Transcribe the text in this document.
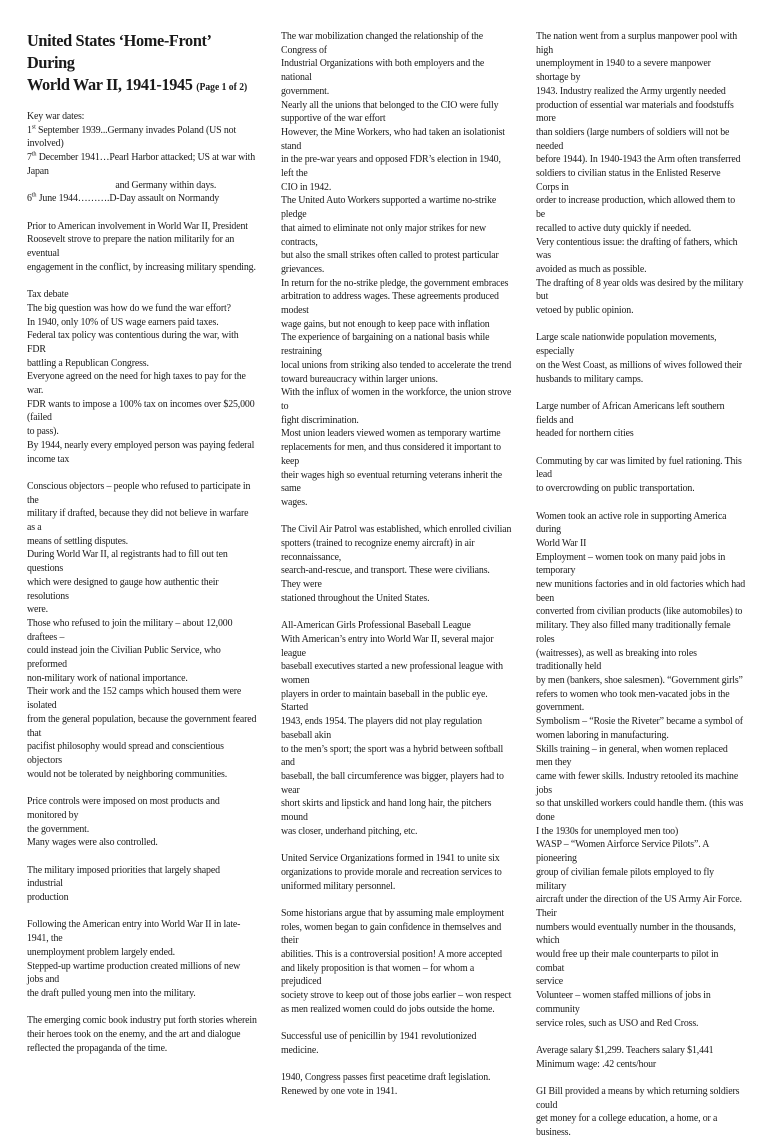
United States ‘Home-Front’ During
World War II, 1941-1945 (Page 1 of 2)
Key war dates:
1st September 1939...Germany invades Poland (US not involved)
7th December 1941…Pearl Harbor attacked; US at war with Japan
and Germany within days.
6th June 1944……….D-Day assault on Normandy
Prior to American involvement in World War II, President
Roosevelt strove to prepare the nation militarily for an eventual
engagement in the conflict, by increasing military spending.
Tax debate
The big question was how do we fund the war effort?
In 1940, only 10% of US wage earners paid taxes.
Federal tax policy was contentious during the war, with FDR
battling a Republican Congress.
Everyone agreed on the need for high taxes to pay for the war.
FDR wants to impose a 100% tax on incomes over $25,000 (failed
to pass).
By 1944, nearly every employed person was paying federal
income tax
Conscious objectors – people who refused to participate in the
military if drafted, because they did not believe in warfare as a
means of settling disputes.
During World War II, al registrants had to fill out ten questions
which were designed to gauge how authentic their resolutions
were.
Those who refused to join the military – about 12,000 draftees –
could instead join the Civilian Public Service, who preformed
non-military work of national importance.
Their work and the 152 camps which housed them were isolated
from the general population, because the government feared that
pacifist philosophy would spread and conscientious objectors
would not be tolerated by neighboring communities.
Price controls were imposed on most products and monitored by
the government.
Many wages were also controlled.
The military imposed priorities that largely shaped industrial
production
Following the American entry into World War II in late-1941, the
unemployment problem largely ended.
Stepped-up wartime production created millions of new jobs and
the draft pulled young men into the military.
The emerging comic book industry put forth stories wherein
their heroes took on the enemy, and the art and dialogue
reflected the propaganda of the time.
The war mobilization changed the relationship of the Congress of
Industrial Organizations with both employers and the national
government.
Nearly all the unions that belonged to the CIO were fully
supportive of the war effort
However, the Mine Workers, who had taken an isolationist stand
in the pre-war years and opposed FDR’s election in 1940, left the
CIO in 1942.
The United Auto Workers supported a wartime no-strike pledge
that aimed to eliminate not only major strikes for new contracts,
but also the small strikes often called to protest particular
grievances.
In return for the no-strike pledge, the government embraces
arbitration to address wages. These agreements produced modest
wage gains, but not enough to keep pace with inflation
The experience of bargaining on a national basis while restraining
local unions from striking also tended to accelerate the trend
toward bureaucracy within larger unions.
With the influx of women in the workforce, the union strove to
fight discrimination.
Most union leaders viewed women as temporary wartime
replacements for men, and thus considered it important to keep
their wages high so eventual returning veterans inherit the same
wages.
The Civil Air Patrol was established, which enrolled civilian
spotters (trained to recognize enemy aircraft) in air reconnaissance,
search-and-rescue, and transport. These were civilians. They were
stationed throughout the United States.
All-American Girls Professional Baseball League
With American’s entry into World War II, several major league
baseball executives started a new professional league with women
players in order to maintain baseball in the public eye. Started
1943, ends 1954. The players did not play regulation baseball akin
to the men’s sport; the sport was a hybrid between softball and
baseball, the ball circumference was bigger, players had to wear
short skirts and lipstick and hand long hair, the pitchers mound
was closer, underhand pitching, etc.
United Service Organizations formed in 1941 to unite six
organizations to provide morale and recreation services to
uniformed military personnel.
Some historians argue that by assuming male employment
roles, women began to gain confidence in themselves and their
abilities. This is a controversial position! A more accepted
and likely proposition is that women – for whom a prejudiced
society strove to keep out of those jobs earlier – won respect
as men realized women could do jobs outside the home.
Successful use of penicillin by 1941 revolutionized medicine.
1940, Congress passes first peacetime draft legislation.
Renewed by one vote in 1941.
The nation went from a surplus manpower pool with high
unemployment in 1940 to a severe manpower shortage by
1943. Industry realized the Army urgently needed
production of essential war materials and foodstuffs more
than soldiers (large numbers of soldiers will not be needed
before 1944). In 1940-1943 the Arm often transferred
soldiers to civilian status in the Enlisted Reserve Corps in
order to increase production, which allowed them to be
recalled to active duty quickly if needed.
Very contentious issue: the drafting of fathers, which was
avoided as much as possible.
The drafting of 8 year olds was desired by the military but
vetoed by public opinion.
Large scale nationwide population movements, especially
on the West Coast, as millions of wives followed their
husbands to military camps.
Large number of African Americans left southern fields and
headed for northern cities
Commuting by car was limited by fuel rationing. This lead
to overcrowding on public transportation.
Women took an active role in supporting America during
World War II
Employment – women took on many paid jobs in temporary
new munitions factories and in old factories which had been
converted from civilian products (like automobiles) to
military. They also filled many traditionally female roles
(waitresses), as well as breaking into roles traditionally held
by men (bankers, shoe salesmen). “Government girls”
refers to women who took men-vacated jobs in the
government.
Symbolism – “Rosie the Riveter” became a symbol of
women laboring in manufacturing.
Skills training – in general, when women replaced men they
came with fewer skills. Industry retooled its machine jobs
so that unskilled workers could handle them. (this was done
I the 1930s for unemployed men too)
WASP – “Women Airforce Service Pilots”. A pioneering
group of civilian female pilots employed to fly military
aircraft under the direction of the US Army Air Force. Their
numbers would eventually number in the thousands, which
would free up their male counterparts to pilot in combat
service
Volunteer – women staffed millions of jobs in community
service roles, such as USO and Red Cross.
Average salary $1,299. Teachers salary $1,441
Minimum wage: .42 cents/hour
GI Bill provided a means by which returning soldiers could
get money for a college education, a home, or a business.
